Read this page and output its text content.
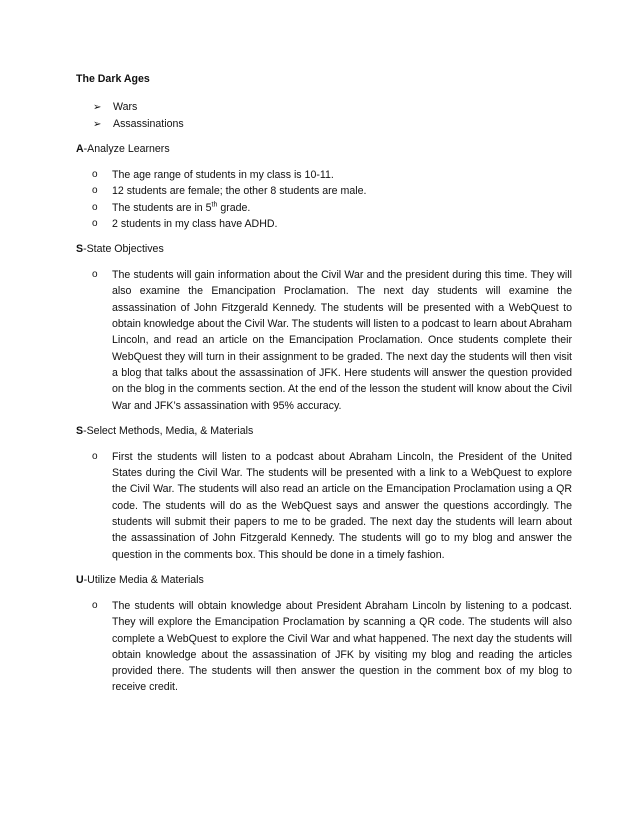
The Dark Ages
➢ Wars
➢ Assassinations
A-Analyze Learners
o The age range of students in my class is 10-11.
o 12 students are female; the other 8 students are male.
o The students are in 5th grade.
o 2 students in my class have ADHD.
S-State Objectives
o The students will gain information about the Civil War and the president during this time. They will also examine the Emancipation Proclamation. The next day students will examine the assassination of John Fitzgerald Kennedy. The students will be presented with a WebQuest to obtain knowledge about the Civil War. The students will listen to a podcast to learn about Abraham Lincoln, and read an article on the Emancipation Proclamation. Once students complete their WebQuest they will turn in their assignment to be graded. The next day the students will then visit a blog that talks about the assassination of JFK. Here students will answer the question provided on the blog in the comments section. At the end of the lesson the student will know about the Civil War and JFK’s assassination with 95% accuracy.
S-Select Methods, Media, & Materials
o First the students will listen to a podcast about Abraham Lincoln, the President of the United States during the Civil War. The students will be presented with a link to a WebQuest to explore the Civil War. The students will also read an article on the Emancipation Proclamation using a QR code. The students will do as the WebQuest says and answer the questions accordingly. The students will submit their papers to me to be graded. The next day the students will learn about the assassination of John Fitzgerald Kennedy. The students will go to my blog and answer the question in the comments box. This should be done in a timely fashion.
U-Utilize Media & Materials
o The students will obtain knowledge about President Abraham Lincoln by listening to a podcast. They will explore the Emancipation Proclamation by scanning a QR code. The students will also complete a WebQuest to explore the Civil War and what happened. The next day the students will obtain knowledge about the assassination of JFK by visiting my blog and reading the articles provided there. The students will then answer the question in the comment box of my blog to receive credit.
